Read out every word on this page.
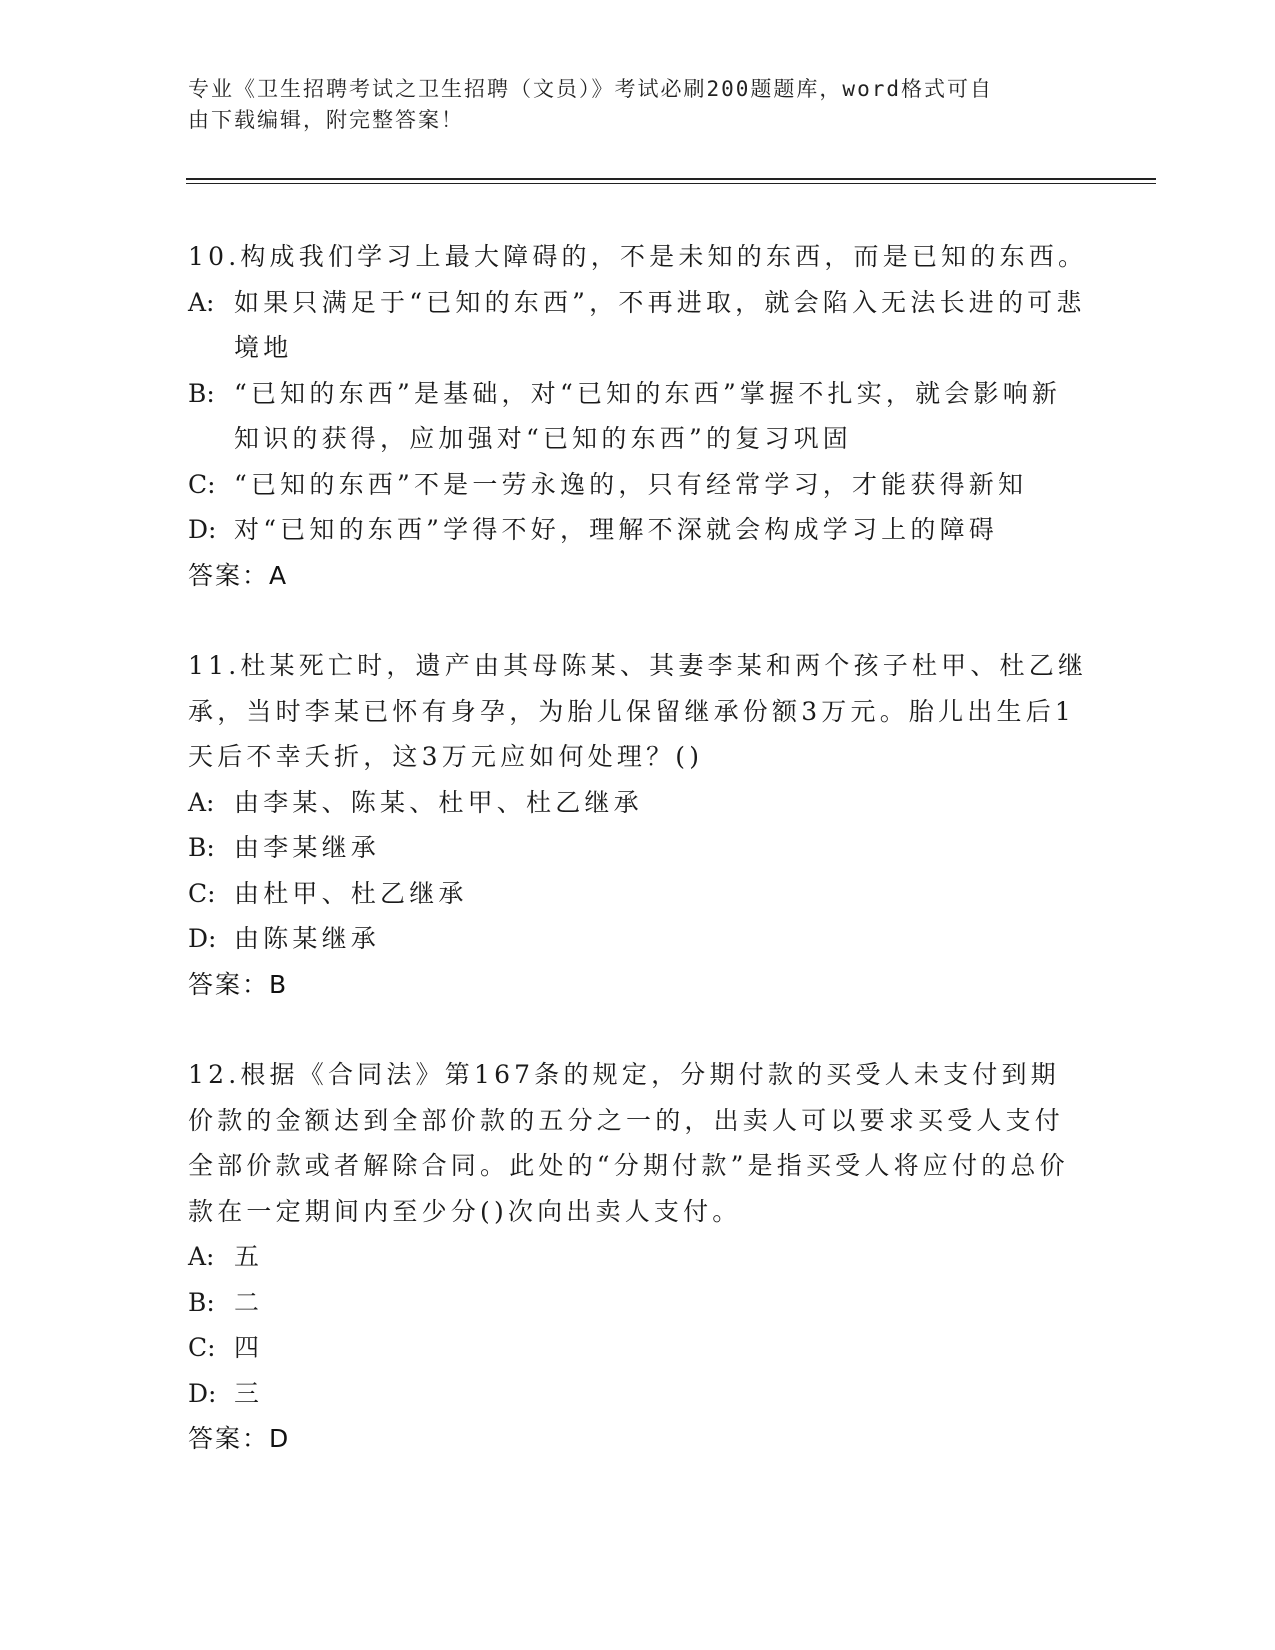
专业《卫生招聘考试之卫生招聘（文员）》考试必刷200题题库，word格式可自
由下载编辑，附完整答案！
10.构成我们学习上最大障碍的，不是未知的东西，而是已知的东西。
A: 如果只满足于“已知的东西”，不再进取，就会陷入无法长进的可悲境地
B: “已知的东西”是基础，对“已知的东西”掌握不扎实，就会影响新知识的获得，应加强对“已知的东西”的复习巩固
C: “已知的东西”不是一劳永逸的，只有经常学习，才能获得新知
D: 对“已知的东西”学得不好，理解不深就会构成学习上的障碍
答案：A
11.杜某死亡时，遗产由其母陈某、其妻李某和两个孩子杜甲、杜乙继承，当时李某已怀有身孕，为胎儿保留继承份额3万元。胎儿出生后1天后不幸夭折，这3万元应如何处理？()
A: 由李某、陈某、杜甲、杜乙继承
B: 由李某继承
C: 由杜甲、杜乙继承
D: 由陈某继承
答案：B
12.根据《合同法》第167条的规定，分期付款的买受人未支付到期价款的金额达到全部价款的五分之一的，出卖人可以要求买受人支付全部价款或者解除合同。此处的“分期付款”是指买受人将应付的总价款在一定期间内至少分()次向出卖人支付。
A: 五
B: 二
C: 四
D: 三
答案：D
